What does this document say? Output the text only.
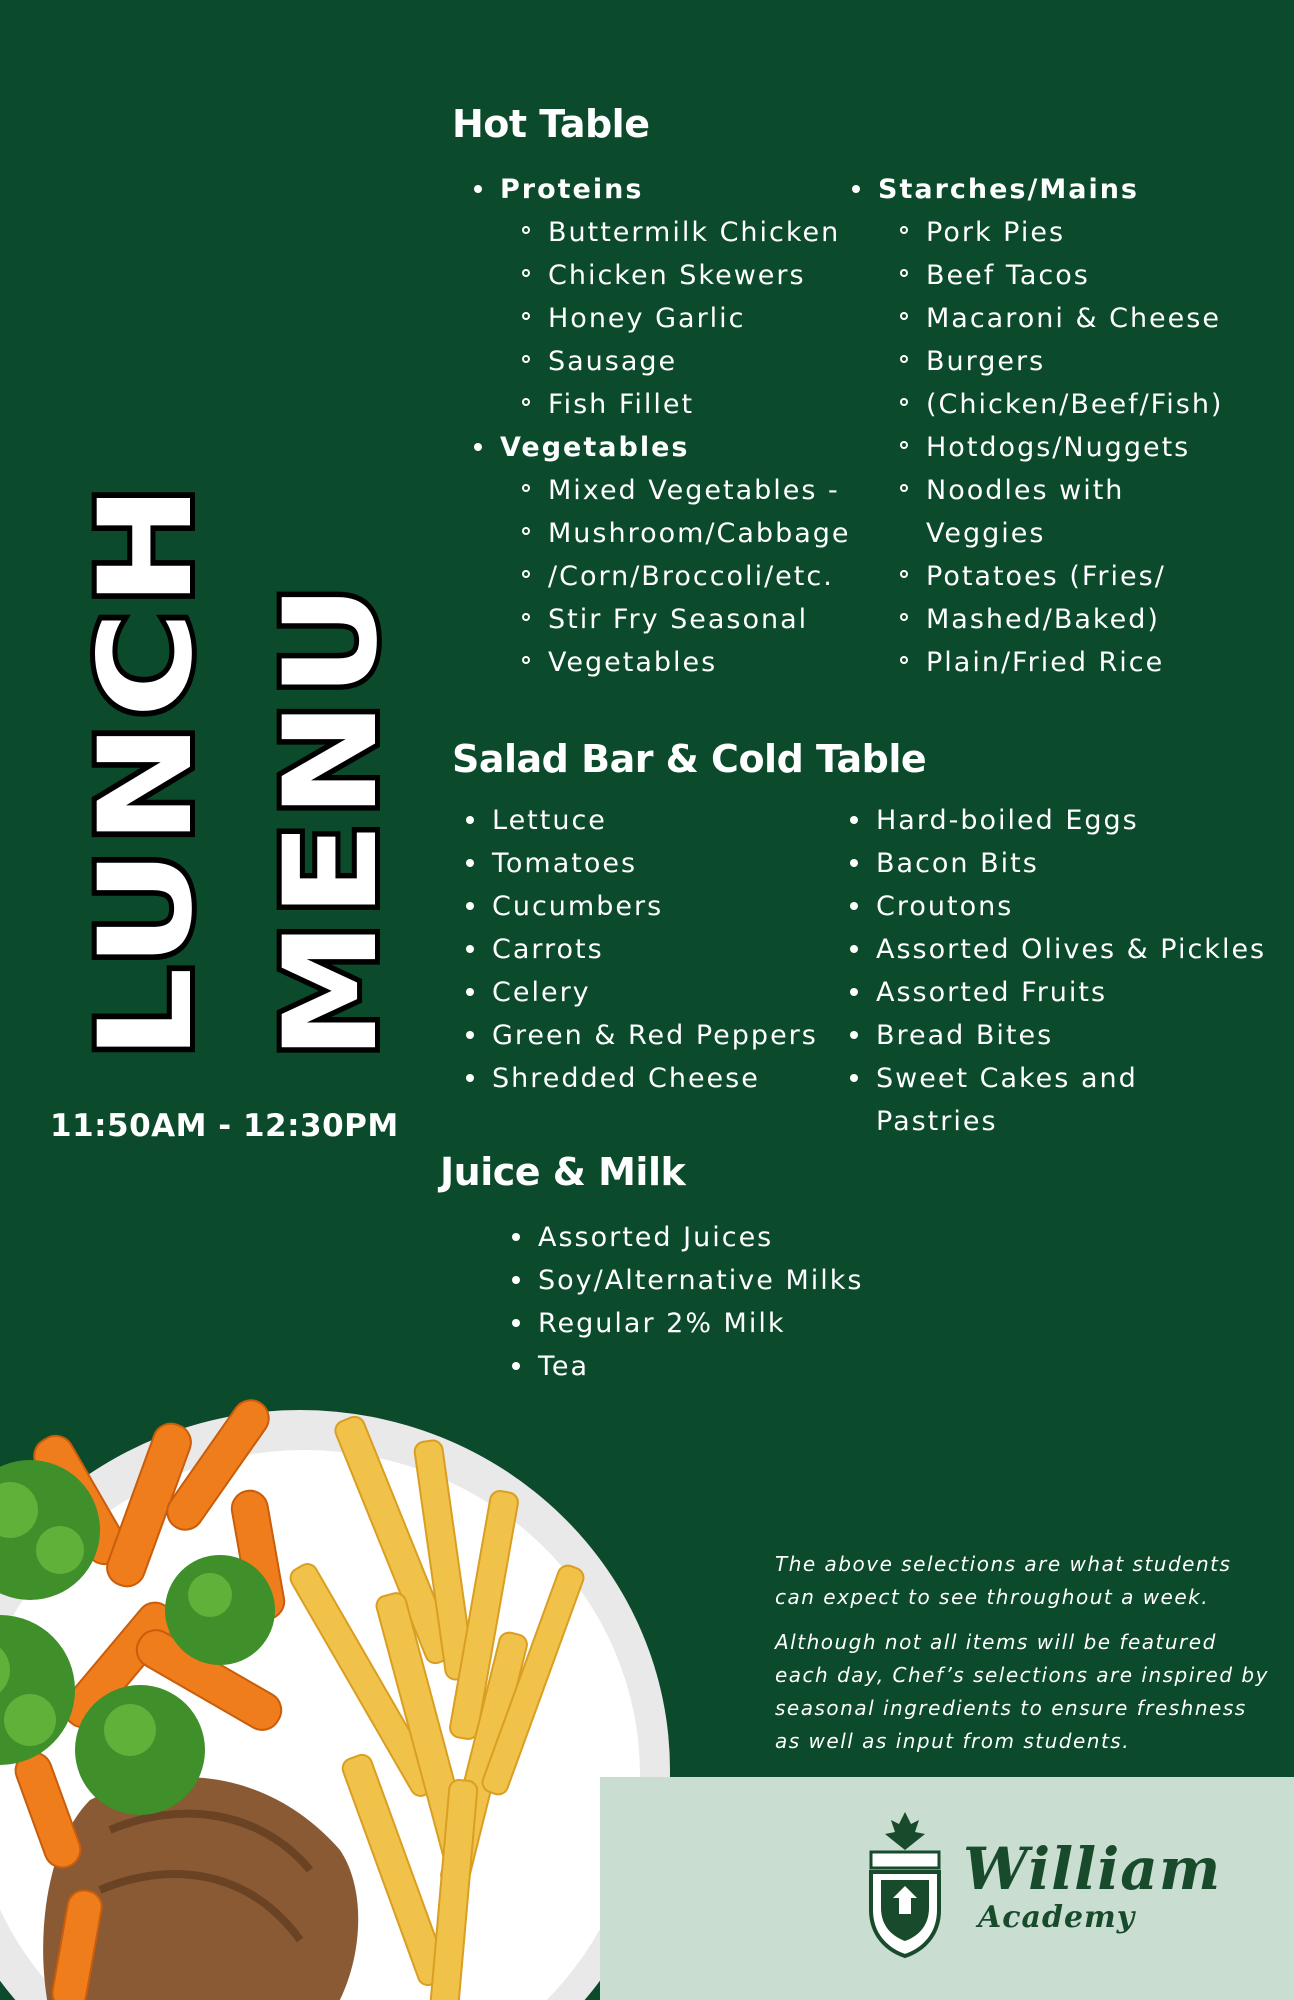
LUNCH MENU
11:50AM - 12:30PM
Hot Table
Proteins
Buttermilk Chicken
Chicken Skewers
Honey Garlic
Sausage
Fish Fillet
Vegetables
Mixed Vegetables -
Mushroom/Cabbage
/Corn/Broccoli/etc.
Stir Fry Seasonal
Vegetables
Starches/Mains
Pork Pies
Beef Tacos
Macaroni & Cheese
Burgers
(Chicken/Beef/Fish)
Hotdogs/Nuggets
Noodles with Veggies
Potatoes (Fries/
Mashed/Baked)
Plain/Fried Rice
Salad Bar & Cold Table
Lettuce
Tomatoes
Cucumbers
Carrots
Celery
Green & Red Peppers
Shredded Cheese
Hard-boiled Eggs
Bacon Bits
Croutons
Assorted Olives & Pickles
Assorted Fruits
Bread Bites
Sweet Cakes and Pastries
Juice & Milk
Assorted Juices
Soy/Alternative Milks
Regular 2% Milk
Tea

The above selections are what students can expect to see throughout a week.

Although not all items will be featured each day, Chef’s selections are inspired by seasonal ingredients to ensure freshness as well as input from students.

William
Academy
